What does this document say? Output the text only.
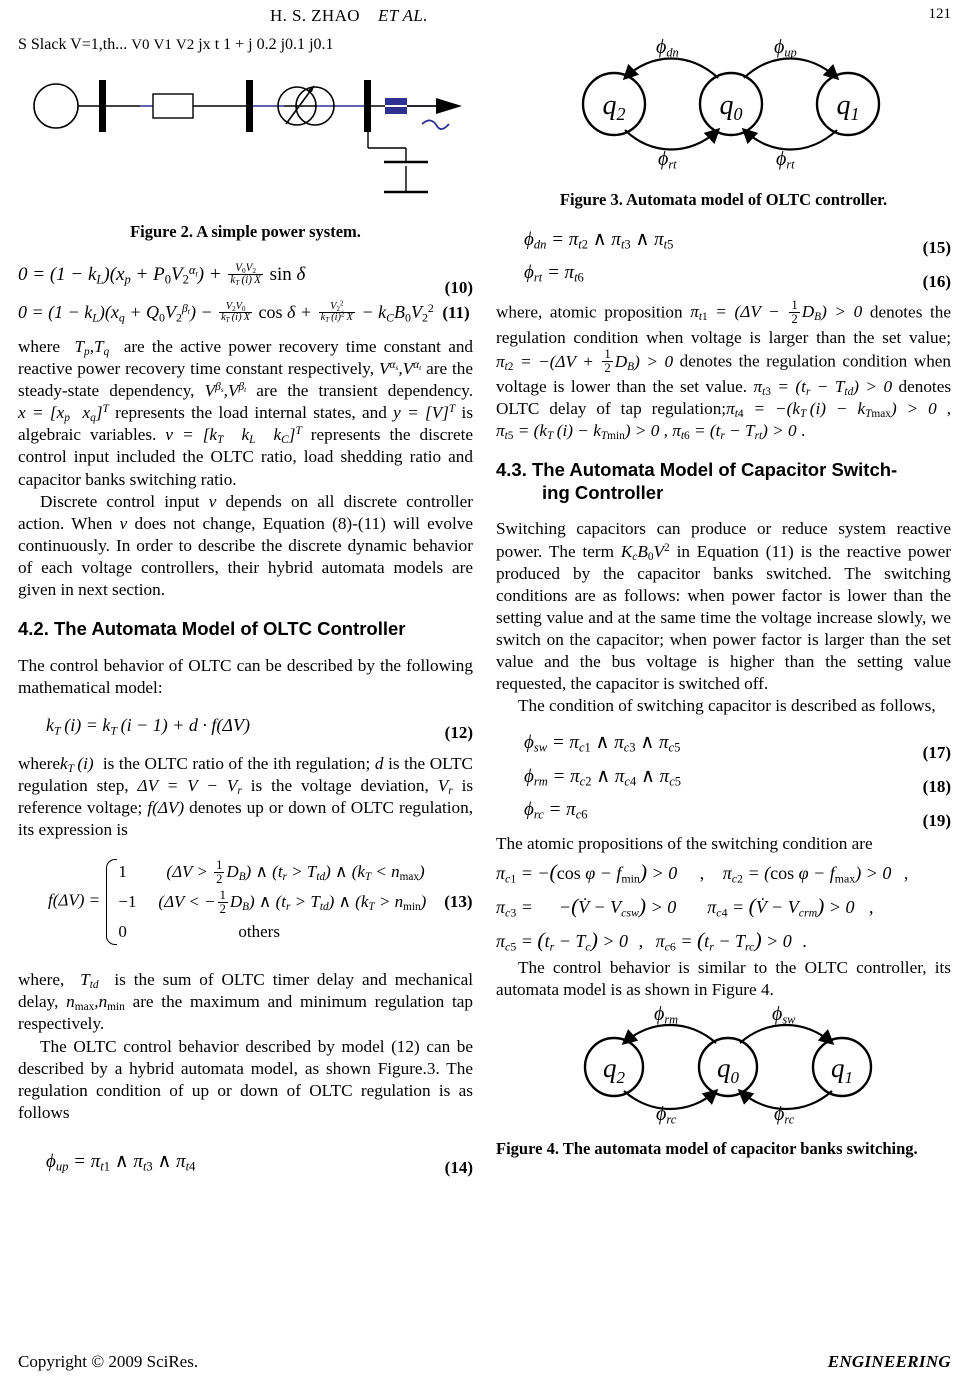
H. S. ZHAO ET AL.	121
S Slack V=1,th... V0 V1 V2 jx t 1 + j 0.2 j0.1 j0.1
Figure 2. A simple power system.
$0 = (1 - k_L)(x_p + P_0V_2^{\alpha_t}) + \frac{V_0V_2}{k_T (i) X}$ sin δ
(10)
$0 = (1 - k_L)(x_q + Q_0V_2^{\beta_t}) - \frac{V_2V_0}{k_T (i) X}$ $\cos \delta + \frac{V_2^2}{k_T (i)^2 X} - k_CB_0V_2^2$ (11)

where  $T_p,T_q$ are the active power recovery time constant and reactive power recovery time constant respectively, $V^{\alpha_s},V^{\alpha_t}$ are the steady-state dependency, $V^{\beta_s},V^{\beta_t}$ are the transient dependency. $x = [x_p$ $x_q]^T$ represents the load internal states, and $y = [V]^T$ is algebraic variables. $v = [k_T$ $k_L$ $k_C]^T$ represents the discrete control input included the OLTC ratio, load shedding ratio and capacitor banks switching ratio.

Discrete control input v depends on all discrete controller action. When v does not change, Equation (8)-(11) will evolve continuously. In order to describe the discrete dynamic behavior of each voltage controllers, their hybrid automata models are given in next section.

4.2. The Automata Model of OLTC Controller

The control behavior of OLTC can be described by the following mathematical model:

$k_T$ $(i) = k_T$ (i − 1) + d · f(ΔV)	(12)

wherek$_T$ (i) is the OLTC ratio of the ith regulation; d is the OLTC regulation step, $\Delta V = V - V_r$ is the voltage deviation, $V_r$ is reference voltage; f(ΔV) denotes up or down of OLTC regulation, its expression is

f(ΔV) =
1 $(\Delta V > \frac{1}{2} D_B)$ ∧ $(t_r > T_{td})$ ∧ $(k_T < n_{max})$
−1 (ΔV < − $\frac{1}{2} D_B$) ∧ $(t_r > T_{td})$ ∧ $(k_T > n_{min})$ (13)
0	others

where, $T_{td}$ is the sum of OLTC timer delay and mechanical delay, $n_{max},n_{min}$ are the maximum and minimum regulation tap respectively.

The OLTC control behavior described by model (12) can be described by a hybrid automata model, as shown Figure.3. The regulation condition of up or down of OLTC regulation is as follows

$\phi_{up} = \pi_{t1}$ ∧ $\pi_{t3}$ ∧ $\pi_{t4}$	(14)
$q_2$	$q_0$	$q_1$
$\phi_{dn}$	$\phi_{up}$
$\phi_{rt}$	$\phi_{rt}$
Figure 3. Automata model of OLTC controller.
$\phi_{dn} = \pi_{t2}$ ∧ $\pi_{t3}$ ∧ $\pi_{t5}$	(15)
$\phi_{rt} = \pi_{t6}$	(16)

where, atomic proposition $\pi_{t1} = (\Delta V - \frac{1}{2} D_B) > 0$ denotes the regulation condition when voltage is larger than the set value; $\pi_{t2} = -(\Delta V + \frac{1}{2} D_B) > 0$ denotes the regulation condition when voltage is lower than the set value. $\pi_{t3} = (t_r - T_{td}) > 0$ denotes OLTC delay of tap $regulation;\pi_{t4} = -(k_T$ $(i) - k_{Tmax}) > 0$ , $\pi_{t5} = (k_T$ $(i) - k_{Tmin}) > 0$ , $\pi_{t6} = (t_r - T_{rt}) > 0$ .

4.3. The Automata Model of Capacitor Switch-
ing Controller

Switching capacitors can produce or reduce system reactive power. The term $K_cB_0V^2$ in Equation (11) is the reactive power produced by the capacitor banks switched. The switching conditions are as follows: when power factor is lower than the setting value and at the same time the voltage increase slowly, we switch on the capacitor; when power factor is larger than the set value and the bus voltage is higher than the setting value requested, the capacitor is switched off.

The condition of switching capacitor is described as follows,

$\phi_{sw} = \pi_{c1}$ ∧ $\pi_{c3}$ ∧ $\pi_{c5}$	(17)
$\phi_{rm} = \pi_{c2}$ ∧ $\pi_{c4}$ ∧ $\pi_{c5}$	(18)
$\phi_{rc} = \pi_{c6}$	(19)

The atomic propositions of the switching condition are

$\pi_{c1} = -(\cos$ $\varphi - f_{min}) > 0$ , $\pi_{c2} = (\cos$ $\varphi - f_{max}) > 0$ ,
$\pi_{c3}$ = −(V̇ − $V_{csw}) > 0$ $\pi_{c4}$ = (V̇ − $V_{crm}) > 0$ ,
$\pi_{c5} = (t_r - T_c) > 0$ , $\pi_{c6} = (t_r - T_{rc}) > 0$ .

The control behavior is similar to the OLTC controller, its automata model is as shown in Figure 4.

$q_2$	$q_0$	$q_1$
$\phi_{rm}$	$\phi_{sw}$
$\phi_{rc}$	$\phi_{rc}$
Figure 4. The automata model of capacitor banks switching.
Copyright © 2009 SciRes.	ENGINEERING
